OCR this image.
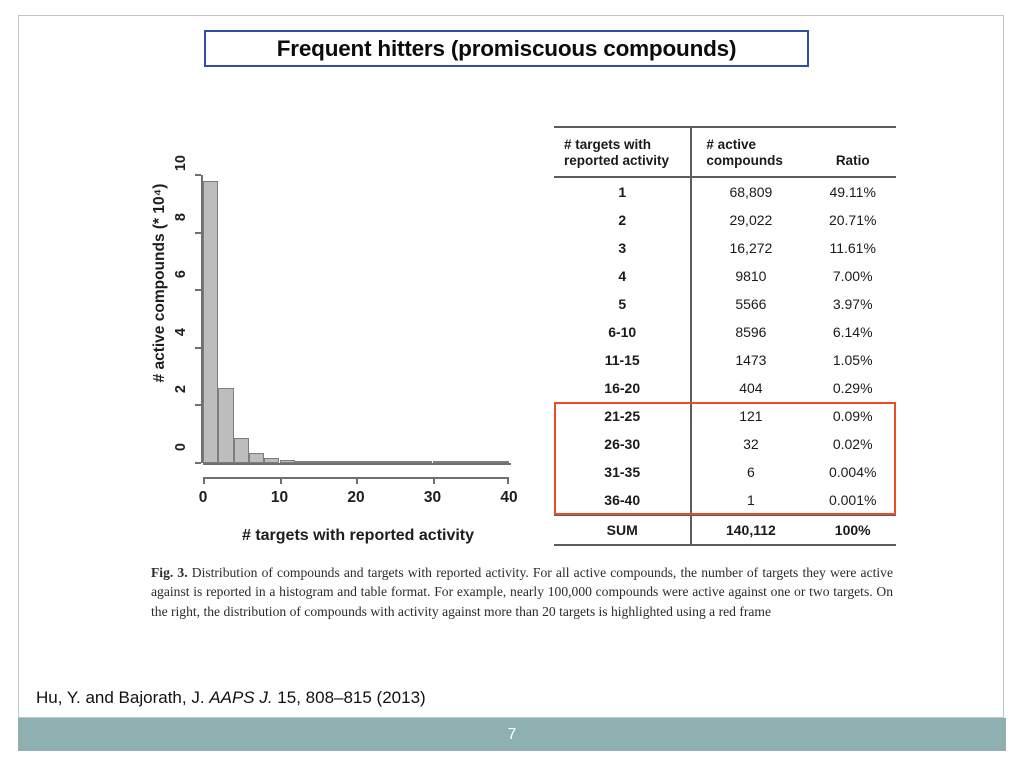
Frequent hitters (promiscuous compounds)
# active compounds (* 10⁴)
# targets with reported activity
0	10	20	30	40
0
2
4
6
8
10
# targets with
reported activity	# active
compounds	Ratio
1	68,809	49.11%
2	29,022	20.71%
3	16,272	11.61%
4	9810	7.00%
5	5566	3.97%
6-10	8596	6.14%
11-15	1473	1.05%
16-20	404	0.29%
21-25	121	0.09%
26-30	32	0.02%
31-35	6	0.004%
36-40	1	0.001%
SUM	140,112	100%
Fig. 3. Distribution of compounds and targets with reported activity. For all active compounds, the number of targets they were active against is reported in a histogram and table format. For example, nearly 100,000 compounds were active against one or two targets. On the right, the distribution of compounds with activity against more than 20 targets is highlighted using a red frame
Hu, Y. and Bajorath, J. AAPS J. 15, 808–815 (2013)
7
